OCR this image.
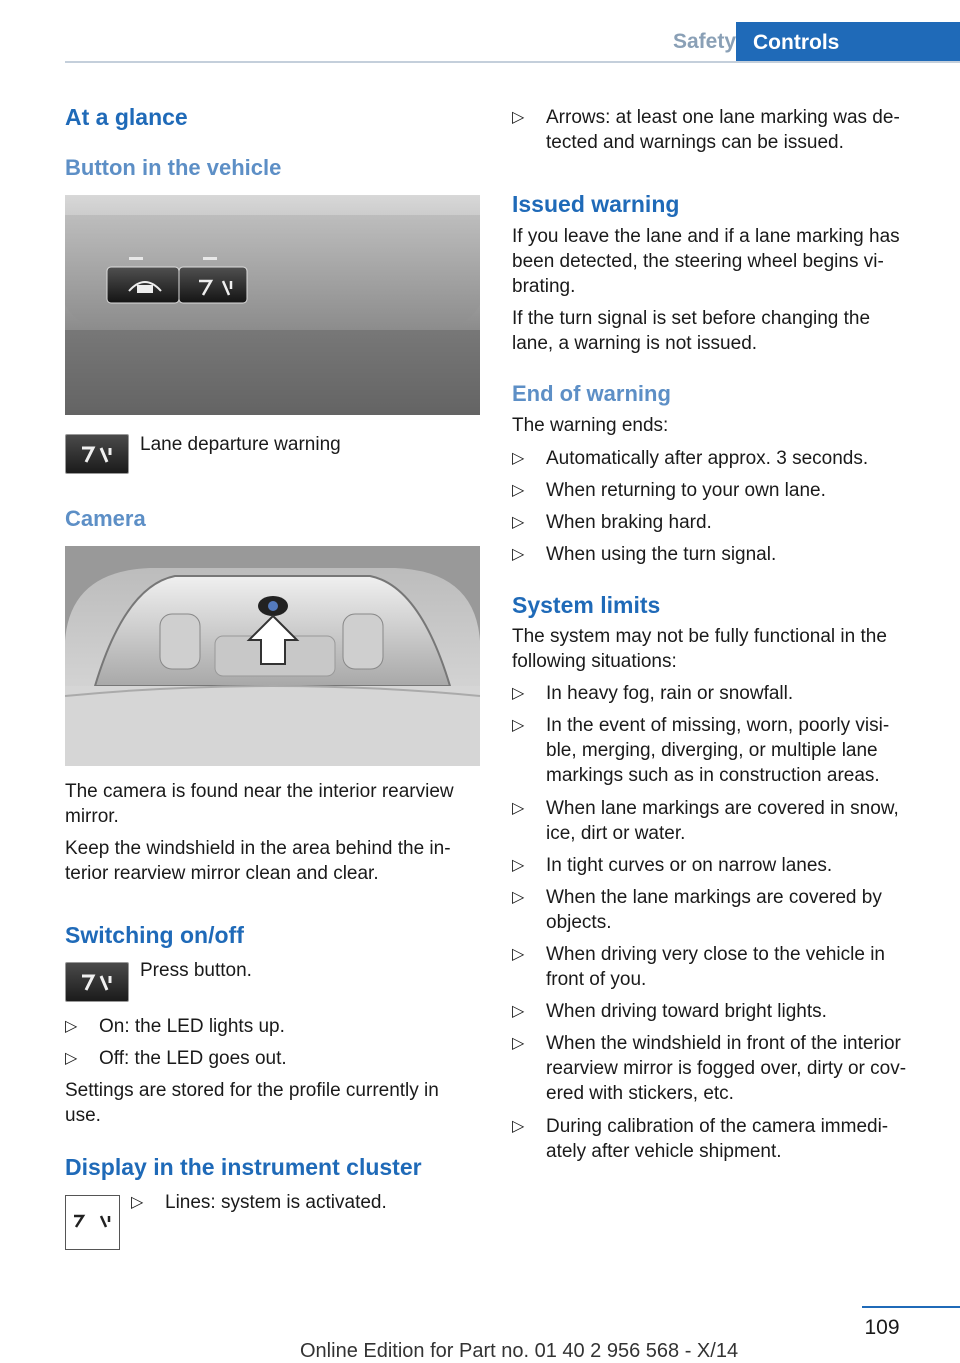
Safety Controls
At a glance
Button in the vehicle
Lane departure warning
Camera
The camera is found near the interior rearview
mirror.
Keep the windshield in the area behind the in-
terior rearview mirror clean and clear.
Switching on/off
Press button.
▷ On: the LED lights up.
▷ Off: the LED goes out.
Settings are stored for the profile currently in
use.
Display in the instrument cluster
▷ Lines: system is activated.
▷ Arrows: at least one lane marking was de-
tected and warnings can be issued.
Issued warning
If you leave the lane and if a lane marking has
been detected, the steering wheel begins vi-
brating.
If the turn signal is set before changing the
lane, a warning is not issued.
End of warning
The warning ends:
▷ Automatically after approx. 3 seconds.
▷ When returning to your own lane.
▷ When braking hard.
▷ When using the turn signal.
System limits
The system may not be fully functional in the
following situations:
▷ In heavy fog, rain or snowfall.
▷ In the event of missing, worn, poorly visi-
ble, merging, diverging, or multiple lane
markings such as in construction areas.
▷ When lane markings are covered in snow,
ice, dirt or water.
▷ In tight curves or on narrow lanes.
▷ When the lane markings are covered by
objects.
▷ When driving very close to the vehicle in
front of you.
▷ When driving toward bright lights.
▷ When the windshield in front of the interior
rearview mirror is fogged over, dirty or cov-
ered with stickers, etc.
▷ During calibration of the camera immedi-
ately after vehicle shipment.
109
Online Edition for Part no. 01 40 2 956 568 - X/14
